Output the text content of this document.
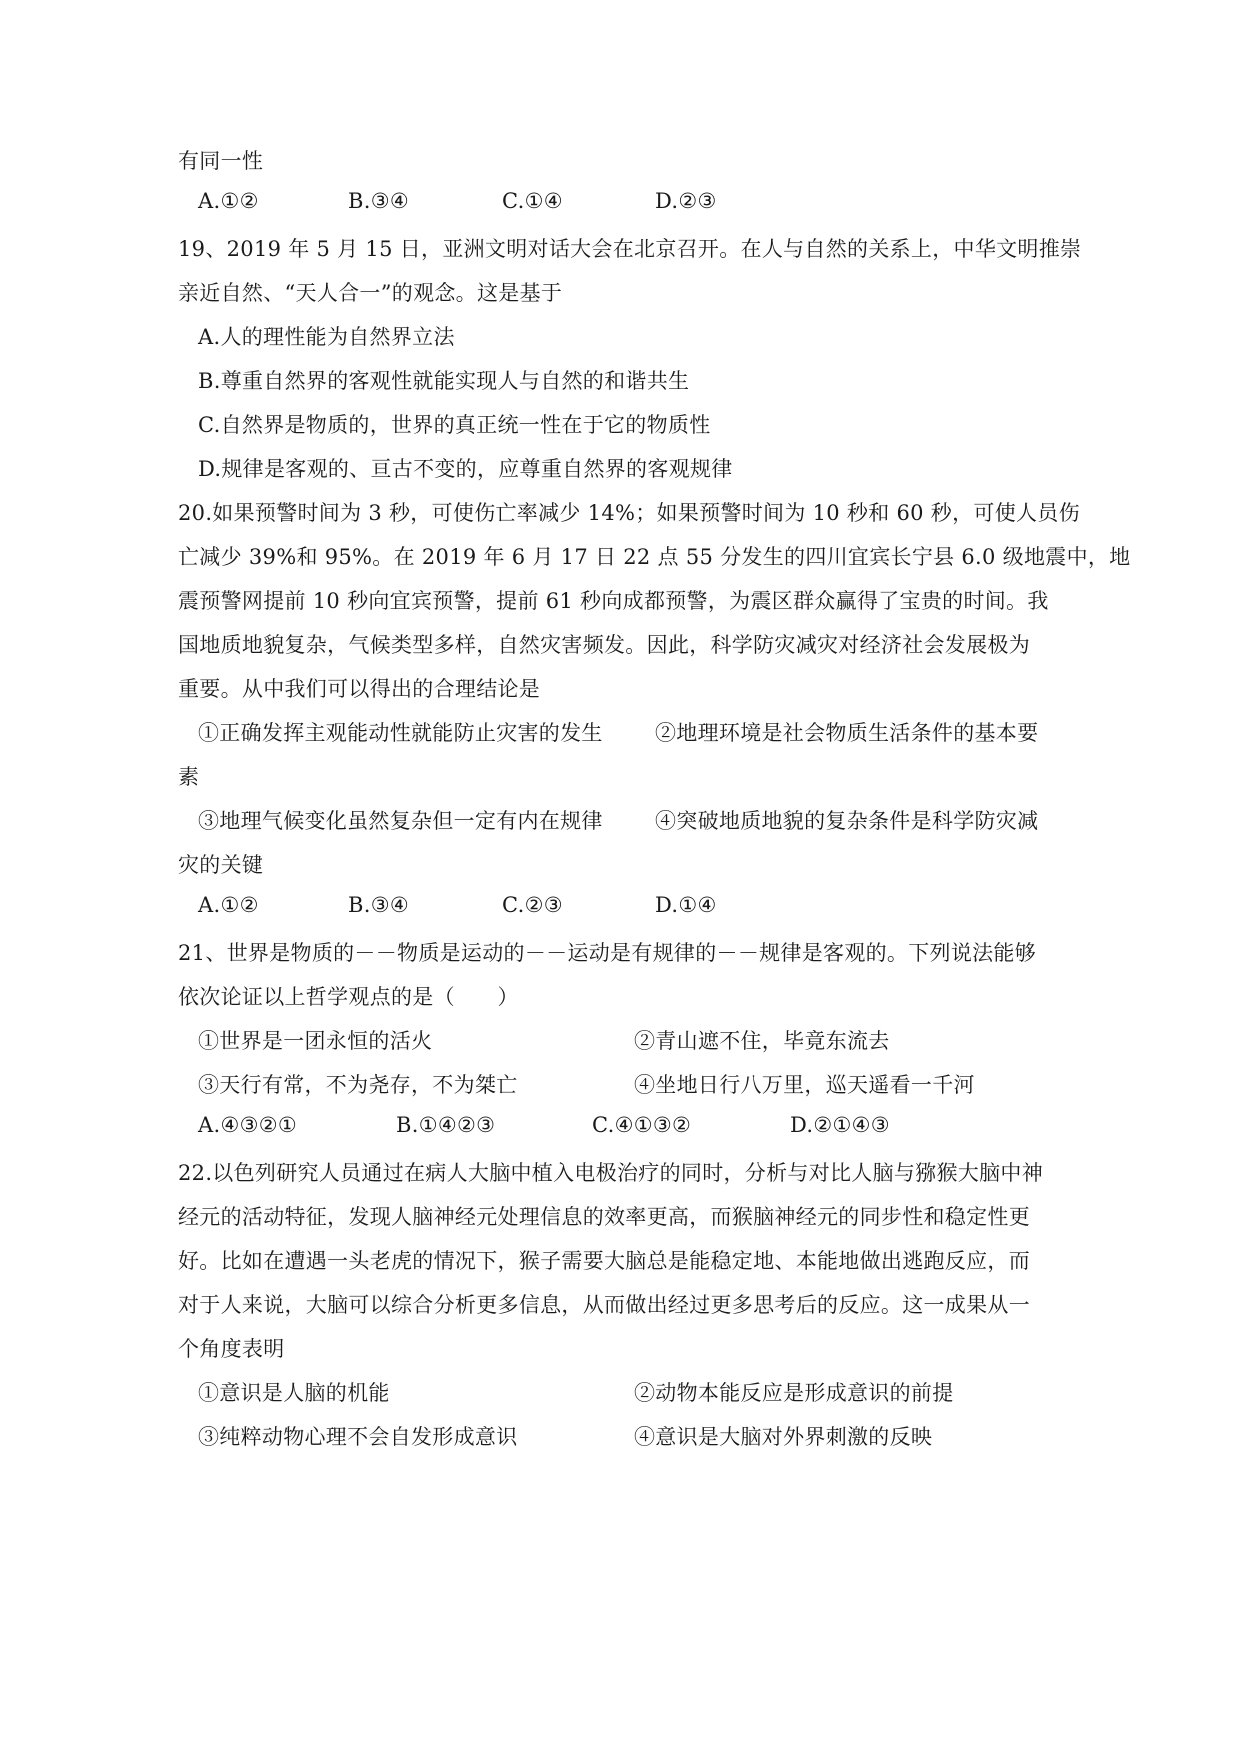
有同一性
A.①②	B.③④	C.①④	D.②③
19、2019 年 5 月 15 日，亚洲文明对话大会在北京召开。在人与自然的关系上，中华文明推崇
亲近自然、“天人合一”的观念。这是基于
A.人的理性能为自然界立法
B.尊重自然界的客观性就能实现人与自然的和谐共生
C.自然界是物质的，世界的真正统一性在于它的物质性
D.规律是客观的、亘古不变的，应尊重自然界的客观规律
20.如果预警时间为 3 秒，可使伤亡率减少 14%；如果预警时间为 10 秒和 60 秒，可使人员伤
亡减少 39%和 95%。在 2019 年 6 月 17 日 22 点 55 分发生的四川宜宾长宁县 6.0 级地震中，地
震预警网提前 10 秒向宜宾预警，提前 61 秒向成都预警，为震区群众赢得了宝贵的时间。我
国地质地貌复杂，气候类型多样，自然灾害频发。因此，科学防灾减灾对经济社会发展极为
重要。从中我们可以得出的合理结论是
①正确发挥主观能动性就能防止灾害的发生 ②地理环境是社会物质生活条件的基本要
素
③地理气候变化虽然复杂但一定有内在规律 ④突破地质地貌的复杂条件是科学防灾减
灾的关键
A.①②	B.③④	C.②③	D.①④
21、世界是物质的－－物质是运动的－－运动是有规律的－－规律是客观的。下列说法能够
依次论证以上哲学观点的是（　　）
①世界是一团永恒的活火	②青山遮不住，毕竟东流去
③天行有常，不为尧存，不为桀亡	④坐地日行八万里，巡天遥看一千河
A.④③②①	B.①④②③	C.④①③②	D.②①④③
22.以色列研究人员通过在病人大脑中植入电极治疗的同时，分析与对比人脑与猕猴大脑中神
经元的活动特征，发现人脑神经元处理信息的效率更高，而猴脑神经元的同步性和稳定性更
好。比如在遭遇一头老虎的情况下，猴子需要大脑总是能稳定地、本能地做出逃跑反应，而
对于人来说，大脑可以综合分析更多信息，从而做出经过更多思考后的反应。这一成果从一
个角度表明
①意识是人脑的机能	②动物本能反应是形成意识的前提
③纯粹动物心理不会自发形成意识	④意识是大脑对外界刺激的反映
